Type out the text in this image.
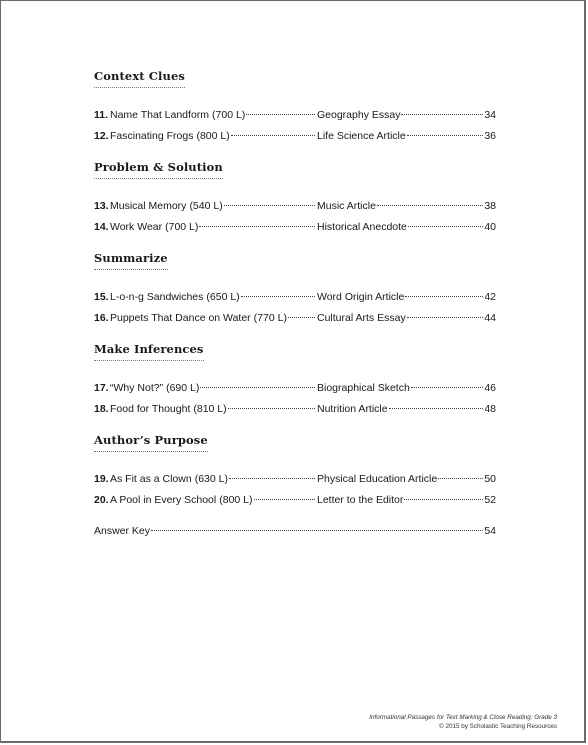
Context Clues
11. Name That Landform (700 L)	Geography Essay	34
12. Fascinating Frogs (800 L)	Life Science Article	36
Problem & Solution
13. Musical Memory (540 L)	Music Article	38
14. Work Wear (700 L)	Historical Anecdote	40
Summarize
15. L-o-n-g Sandwiches (650 L)	Word Origin Article	42
16. Puppets That Dance on Water (770 L)	Cultural Arts Essay	44
Make Inferences
17. “Why Not?” (690 L)	Biographical Sketch	46
18. Food for Thought (810 L)	Nutrition Article	48
Author’s Purpose
19. As Fit as a Clown (630 L)	Physical Education Article	50
20. A Pool in Every School (800 L)	Letter to the Editor	52
Answer Key	54
Informational Passages for Text Marking & Close Reading: Grade 3
© 2015 by Scholastic Teaching Resources
